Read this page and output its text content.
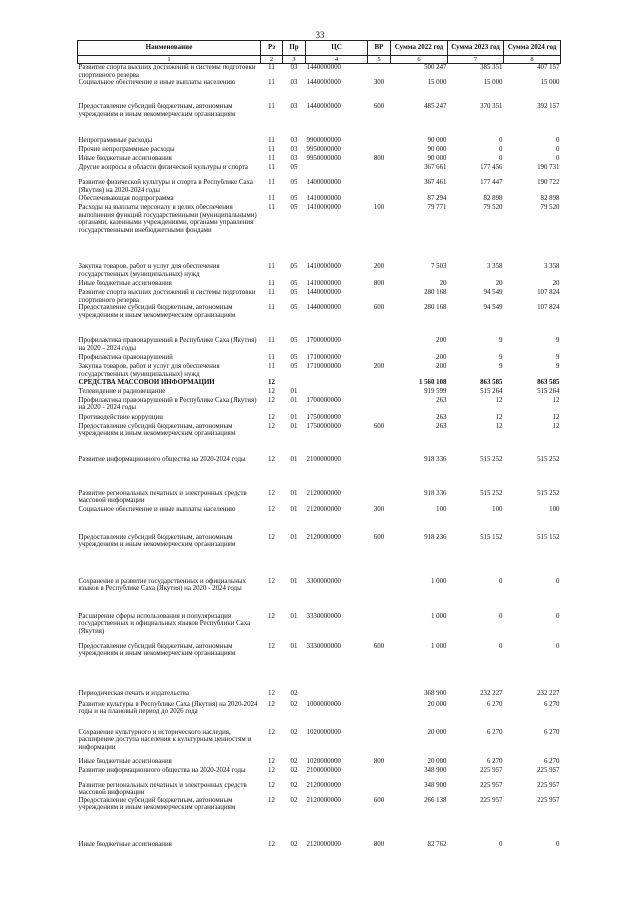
33
Наименование	Рз	Пр	ЦС	ВР	Сумма 2022 год	Сумма 2023 год	Сумма 2024 год
1	2	3	4	5	6	7	8
Развитие спорта высших достижений и системы подготовки спортивного резерва	11	03	1440000000		500 247	385 351	407 157
Социальное обеспечение и иные выплаты населению	11	03	1440000000	300	15 000	15 000	15 000
Предоставление субсидий бюджетным, автономным учреждениям и иным некоммерческим организациям	11	03	1440000000	600	485 247	370 351	392 157
Непрограммные расходы	11	03	9900000000		90 000	0	0
Прочие непрограммные расходы	11	03	9950000000		90 000	0	0
Иные бюджетные ассигнования	11	03	9950000000	800	90 000	0	0
Другие вопросы в области физической культуры и спорта	11	05			367 661	177 456	190 731
Развитие физической культуры и спорта в Республике Саха (Якутия) на 2020-2024 годы	11	05	1400000000		367 461	177 447	190 722
Обеспечивающая подпрограмма	11	05	1410000000		87 294	82 898	82 898
Расходы на выплаты персоналу в целях обеспечения выполнения функций государственными (муниципальными) органами, казенными учреждениями, органами управления государственными внебюджетными фондами	11	05	1410000000	100	79 771	79 520	79 520
Закупка товаров, работ и услуг для обеспечения государственных (муниципальных) нужд	11	05	1410000000	200	7 503	3 358	3 358
Иные бюджетные ассигнования	11	05	1410000000	800	20	20	20
Развитие спорта высших достижений и системы подготовки спортивного резерва	11	05	1440000000		280 168	94 549	107 824
Предоставление субсидий бюджетным, автономным учреждениям и иным некоммерческим организациям	11	05	1440000000	600	280 168	94 549	107 824
Профилактика правонарушений в Республике Саха (Якутия) на 2020 - 2024 годы	11	05	1700000000		200	9	9
Профилактика правонарушений	11	05	1710000000		200	9	9
Закупка товаров, работ и услуг для обеспечения государственных (муниципальных) нужд	11	05	1710000000	200	200	9	9
СРЕДСТВА МАССОВОЙ ИНФОРМАЦИИ	12				1 560 108	863 585	863 585
Телевидение и радиовещание	12	01			919 599	515 264	515 264
Профилактика правонарушений в Республике Саха (Якутия) на 2020 - 2024 годы	12	01	1700000000		263	12	12
Противодействие коррупции	12	01	1750000000		263	12	12
Предоставление субсидий бюджетным, автономным учреждениям и иным некоммерческим организациям	12	01	1750000000	600	263	12	12
Развитие информационного общества на 2020-2024 годы	12	01	2100000000		918 336	515 252	515 252
Развитие региональных печатных и электронных средств массовой информации	12	01	2120000000		918 336	515 252	515 252
Социальное обеспечение и иные выплаты населению	12	01	2120000000	300	100	100	100
Предоставление субсидий бюджетным, автономным учреждениям и иным некоммерческим организациям	12	01	2120000000	600	918 236	515 152	515 152
Сохранение и развитие государственных и официальных языков в Республике Саха (Якутия) на 2020 - 2024 годы	12	01	3300000000		1 000	0	0
Расширение сферы использования и популяризация государственных и официальных языков Республики Саха (Якутия)	12	01	3330000000		1 000	0	0
Предоставление субсидий бюджетным, автономным учреждениям и иным некоммерческим организациям	12	01	3330000000	600	1 000	0	0
Периодическая печать и издательства	12	02			368 900	232 227	232 227
Развитие культуры в Республике Саха (Якутия) на 2020-2024 годы и на плановый период до 2026 года	12	02	1000000000		20 000	6 270	6 270
Сохранение культурного и исторического наследия, расширение доступа населения к культурным ценностям и информации	12	02	1020000000		20 000	6 270	6 270
Иные бюджетные ассигнования	12	02	1020000000	800	20 000	6 270	6 270
Развитие информационного общества на 2020-2024 годы	12	02	2100000000		348 900	225 957	225 957
Развитие региональных печатных и электронных средств массовой информации	12	02	2120000000		348 900	225 957	225 957
Предоставление субсидий бюджетным, автономным учреждениям и иным некоммерческим организациям	12	02	2120000000	600	266 138	225 957	225 957
Иные бюджетные ассигнования	12	02	2120000000	800	82 762	0	0
